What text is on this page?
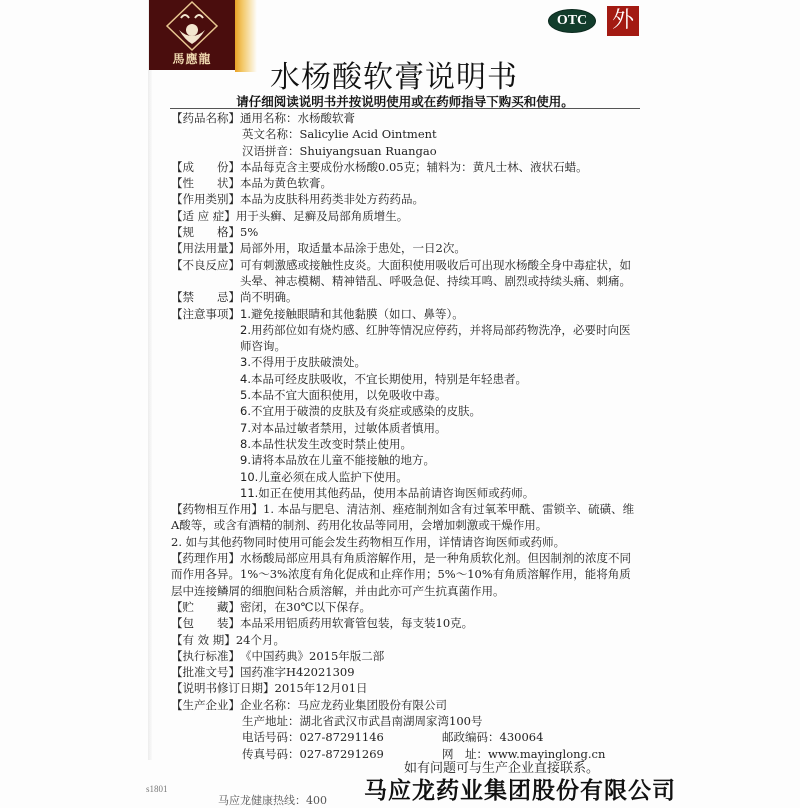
馬應龍
OTC	外
水杨酸软膏说明书
请仔细阅读说明书并按说明使用或在药师指导下购买和使用。
【药品名称】 通用名称：水杨酸软膏
英文名称：Salicylie Acid Ointment
汉语拼音：Shuiyangsuan Ruangao
【成　　份】 本品每克含主要成份水杨酸0.05克；辅料为：黄凡士林、液状石蜡。
【性　　状】 本品为黄色软膏。
【作用类别】 本品为皮肤科用药类非处方药药品。
【适 应 症】 用于头癣、足癣及局部角质增生。
【规　　格】 5%
【用法用量】 局部外用，取适量本品涂于患处，一日2次。
【不良反应】 可有刺激感或接触性皮炎。大面积使用吸收后可出现水杨酸全身中毒症状，如头晕、神志模糊、精神错乱、呼吸急促、持续耳鸣、剧烈或持续头痛、刺痛。
【禁　　忌】 尚不明确。
【注意事项】 1.避免接触眼睛和其他黏膜（如口、鼻等）。
2.用药部位如有烧灼感、红肿等情况应停药，并将局部药物洗净，必要时向医师咨询。
3.不得用于皮肤破溃处。
4.本品可经皮肤吸收，不宜长期使用，特别是年轻患者。
5.本品不宜大面积使用，以免吸收中毒。
6.不宜用于破溃的皮肤及有炎症或感染的皮肤。
7.对本品过敏者禁用，过敏体质者慎用。
8.本品性状发生改变时禁止使用。
9.请将本品放在儿童不能接触的地方。
10.儿童必须在成人监护下使用。
11.如正在使用其他药品，使用本品前请咨询医师或药师。
【药物相互作用】1. 本品与肥皂、清洁剂、痤疮制剂如含有过氧苯甲酰、雷锁辛、硫磺、维A酸等，或含有酒精的制剂、药用化妆品等同用，会增加刺激或干燥作用。
2. 如与其他药物同时使用可能会发生药物相互作用，详情请咨询医师或药师。
【药理作用】水杨酸局部应用具有角质溶解作用，是一种角质软化剂。但因制剂的浓度不同而作用各异。1%～3%浓度有角化促成和止痒作用；5%～10%有角质溶解作用，能将角质层中连接鳞屑的细胞间粘合质溶解，并由此亦可产生抗真菌作用。
【贮　　藏】 密闭，在30℃以下保存。
【包　　装】 本品采用铝质药用软膏管包装，每支装10克。
【有 效 期】 24个月。
【执行标准】 《中国药典》2015年版二部
【批准文号】 国药准字H42021309
【说明书修订日期】 2015年12月01日
【生产企业】 企业名称：马应龙药业集团股份有限公司
生产地址：湖北省武汉市武昌南湖周家湾100号
电话号码：027-87291146	邮政编码：430064
传真号码：027-87291269	网　址：www.mayinglong.cn
如有问题可与生产企业直接联系。
马应龙药业集团股份有限公司
s1801
马应龙健康热线：400
